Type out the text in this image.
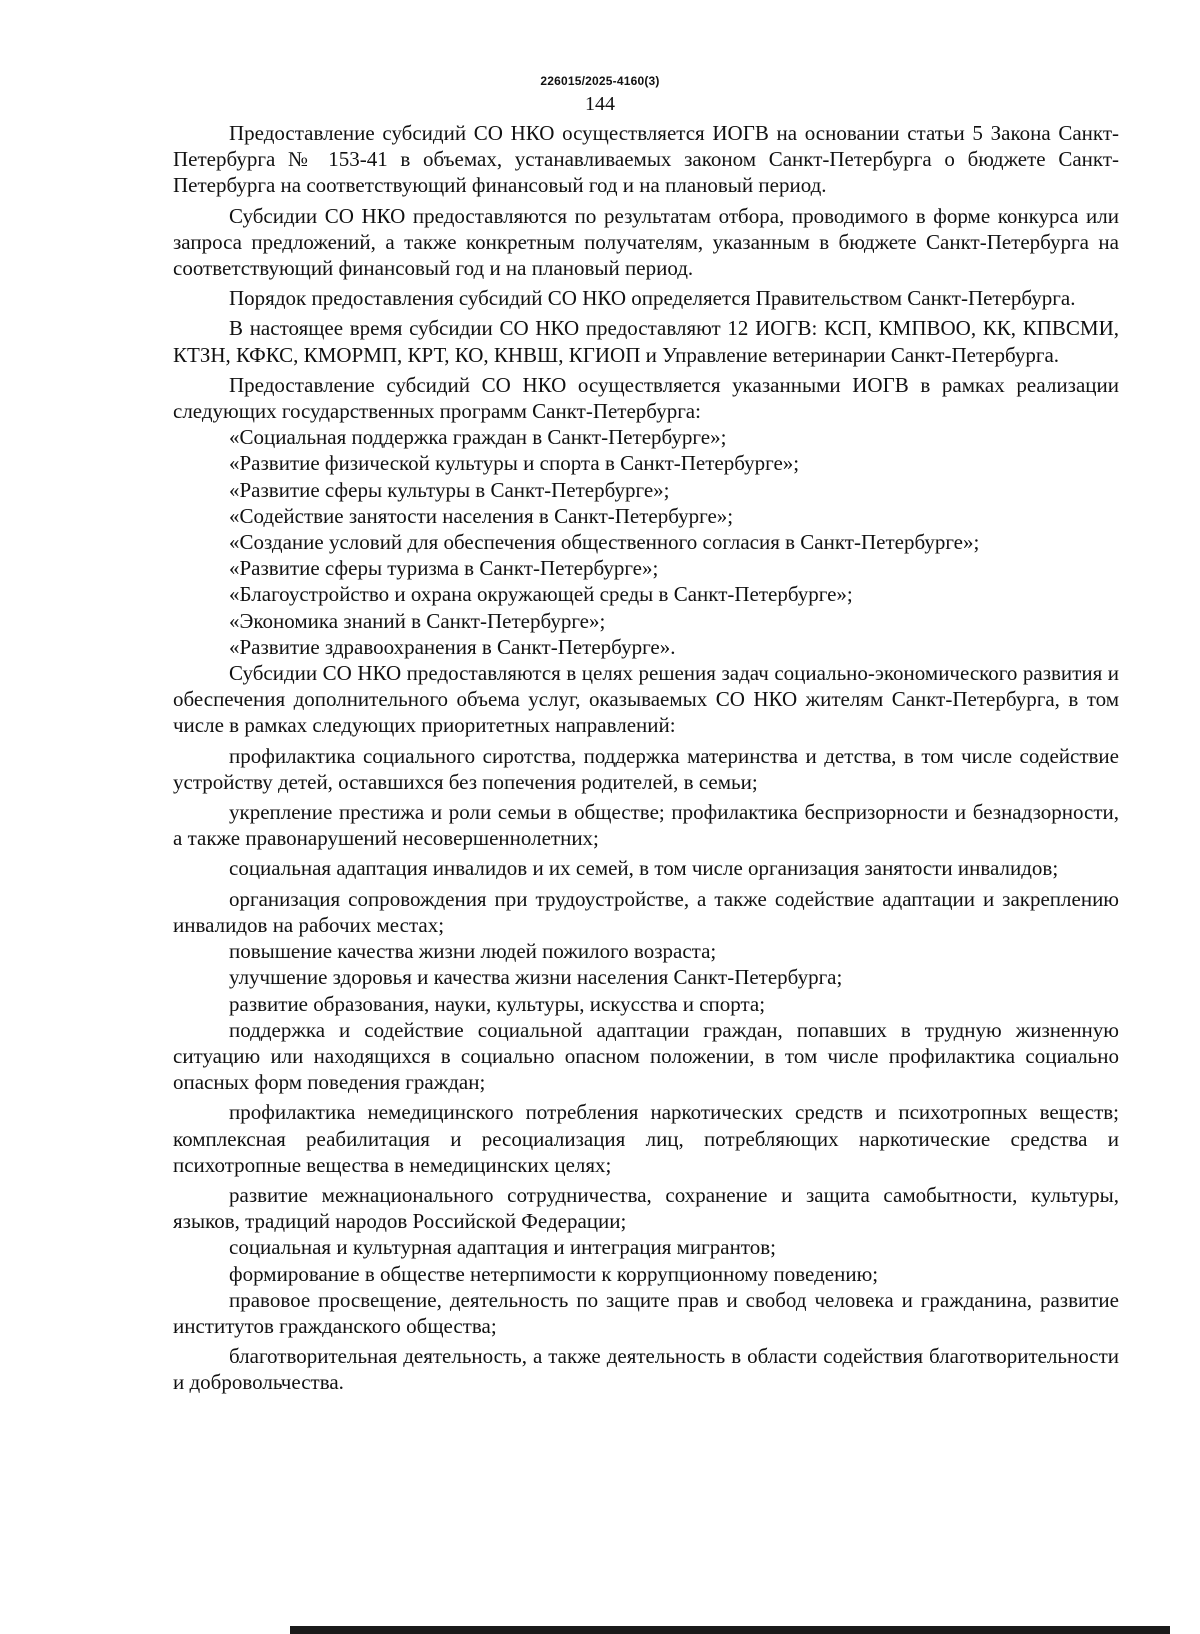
226015/2025-4160(3)
144

Предоставление субсидий СО НКО осуществляется ИОГВ на основании статьи 5 Закона Санкт-Петербурга № 153-41 в объемах, устанавливаемых законом Санкт-Петербурга о бюджете Санкт-Петербурга на соответствующий финансовый год и на плановый период.

Субсидии СО НКО предоставляются по результатам отбора, проводимого в форме конкурса или запроса предложений, а также конкретным получателям, указанным в бюджете Санкт-Петербурга на соответствующий финансовый год и на плановый период.

Порядок предоставления субсидий СО НКО определяется Правительством Санкт-Петербурга.

В настоящее время субсидии СО НКО предоставляют 12 ИОГВ: КСП, КМПВОО, КК, КПВСМИ, КТЗН, КФКС, КМОРМП, КРТ, КО, КНВШ, КГИОП и Управление ветеринарии Санкт-Петербурга.

Предоставление субсидий СО НКО осуществляется указанными ИОГВ в рамках реализации следующих государственных программ Санкт-Петербурга:

«Социальная поддержка граждан в Санкт-Петербурге»;

«Развитие физической культуры и спорта в Санкт-Петербурге»;

«Развитие сферы культуры в Санкт-Петербурге»;

«Содействие занятости населения в Санкт-Петербурге»;

«Создание условий для обеспечения общественного согласия в Санкт-Петербурге»;

«Развитие сферы туризма в Санкт-Петербурге»;

«Благоустройство и охрана окружающей среды в Санкт-Петербурге»;

«Экономика знаний в Санкт-Петербурге»;

«Развитие здравоохранения в Санкт-Петербурге».

Субсидии СО НКО предоставляются в целях решения задач социально-экономического развития и обеспечения дополнительного объема услуг, оказываемых СО НКО жителям Санкт-Петербурга, в том числе в рамках следующих приоритетных направлений:

профилактика социального сиротства, поддержка материнства и детства, в том числе содействие устройству детей, оставшихся без попечения родителей, в семьи;

укрепление престижа и роли семьи в обществе; профилактика беспризорности и безнадзорности, а также правонарушений несовершеннолетних;

социальная адаптация инвалидов и их семей, в том числе организация занятости инвалидов;

организация сопровождения при трудоустройстве, а также содействие адаптации и закреплению инвалидов на рабочих местах;

повышение качества жизни людей пожилого возраста;

улучшение здоровья и качества жизни населения Санкт-Петербурга;

развитие образования, науки, культуры, искусства и спорта;

поддержка и содействие социальной адаптации граждан, попавших в трудную жизненную ситуацию или находящихся в социально опасном положении, в том числе профилактика социально опасных форм поведения граждан;

профилактика немедицинского потребления наркотических средств и психотропных веществ; комплексная реабилитация и ресоциализация лиц, потребляющих наркотические средства и психотропные вещества в немедицинских целях;

развитие межнационального сотрудничества, сохранение и защита самобытности, культуры, языков, традиций народов Российской Федерации;

социальная и культурная адаптация и интеграция мигрантов;

формирование в обществе нетерпимости к коррупционному поведению;

правовое просвещение, деятельность по защите прав и свобод человека и гражданина, развитие институтов гражданского общества;

благотворительная деятельность, а также деятельность в области содействия благотворительности и добровольчества.
